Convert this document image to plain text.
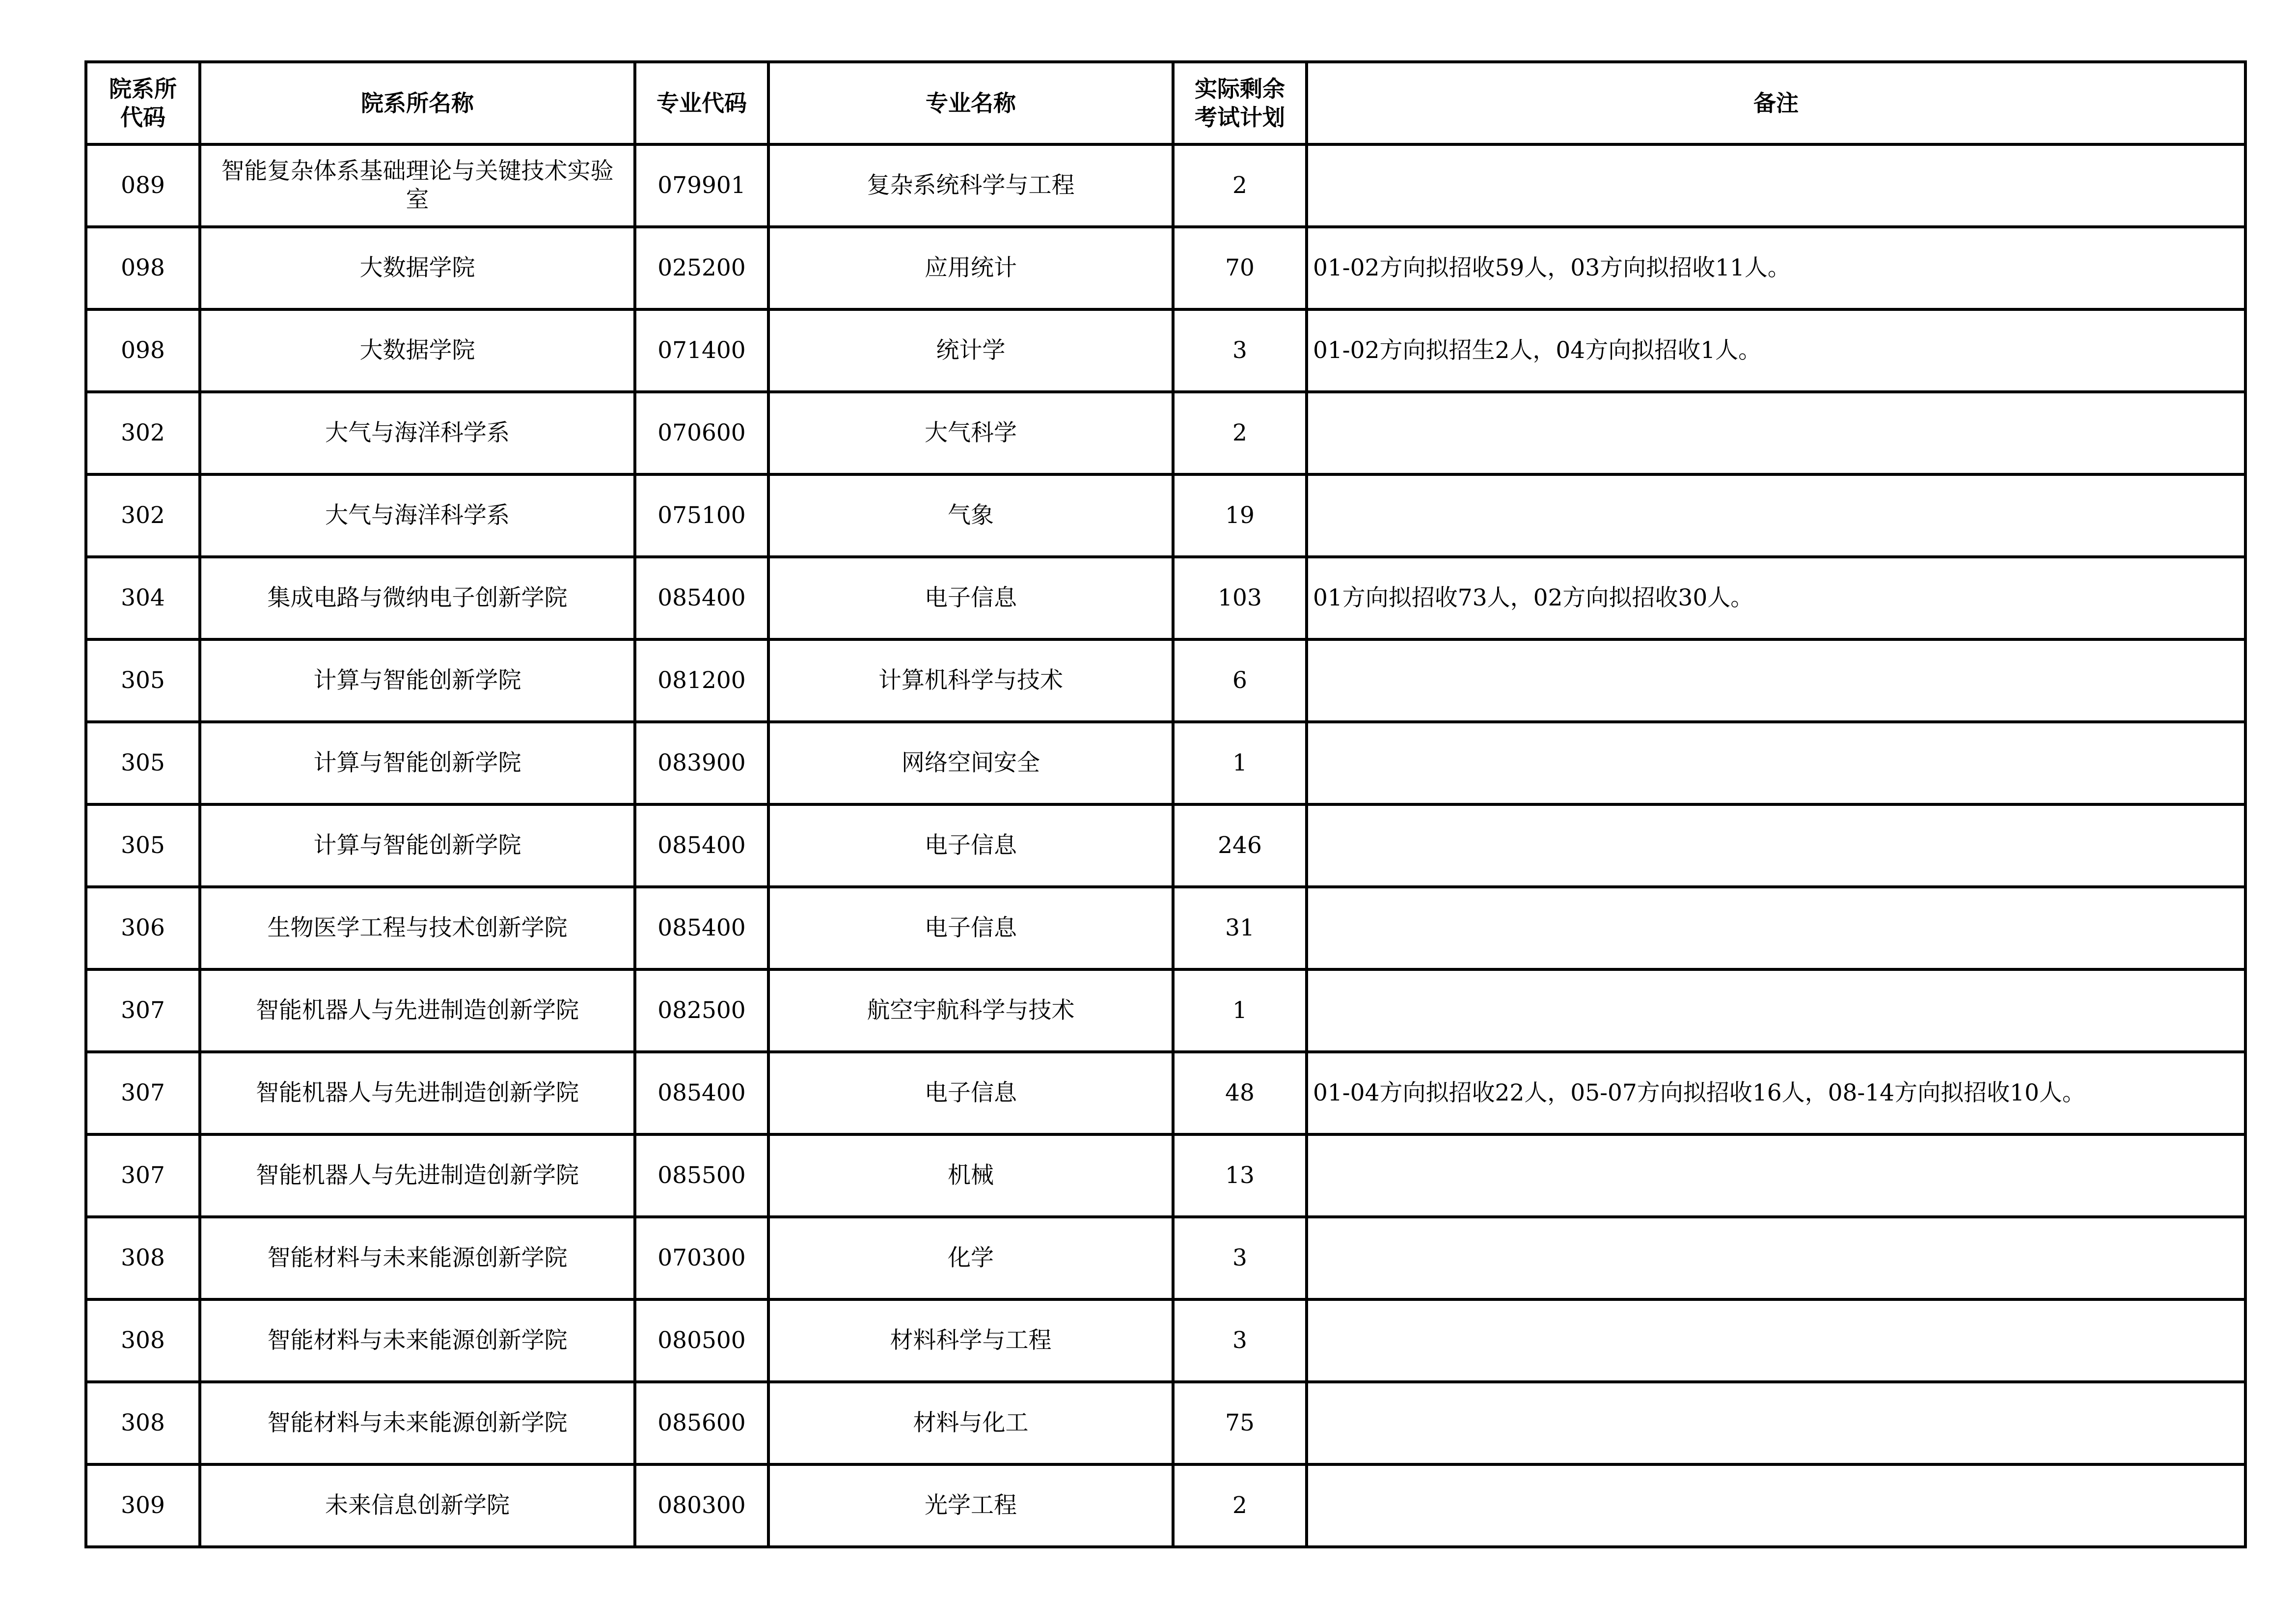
院系所代码	院系所名称	专业代码	专业名称	实际剩余考试计划	备注
089	智能复杂体系基础理论与关键技术实验室	079901	复杂系统科学与工程	2	
098	大数据学院	025200	应用统计	70	01-02方向拟招收59人，03方向拟招收11人。
098	大数据学院	071400	统计学	3	01-02方向拟招生2人，04方向拟招收1人。
302	大气与海洋科学系	070600	大气科学	2	
302	大气与海洋科学系	075100	气象	19	
304	集成电路与微纳电子创新学院	085400	电子信息	103	01方向拟招收73人，02方向拟招收30人。
305	计算与智能创新学院	081200	计算机科学与技术	6	
305	计算与智能创新学院	083900	网络空间安全	1	
305	计算与智能创新学院	085400	电子信息	246	
306	生物医学工程与技术创新学院	085400	电子信息	31	
307	智能机器人与先进制造创新学院	082500	航空宇航科学与技术	1	
307	智能机器人与先进制造创新学院	085400	电子信息	48	01-04方向拟招收22人，05-07方向拟招收16人，08-14方向拟招收10人。
307	智能机器人与先进制造创新学院	085500	机械	13	
308	智能材料与未来能源创新学院	070300	化学	3	
308	智能材料与未来能源创新学院	080500	材料科学与工程	3	
308	智能材料与未来能源创新学院	085600	材料与化工	75	
309	未来信息创新学院	080300	光学工程	2	
